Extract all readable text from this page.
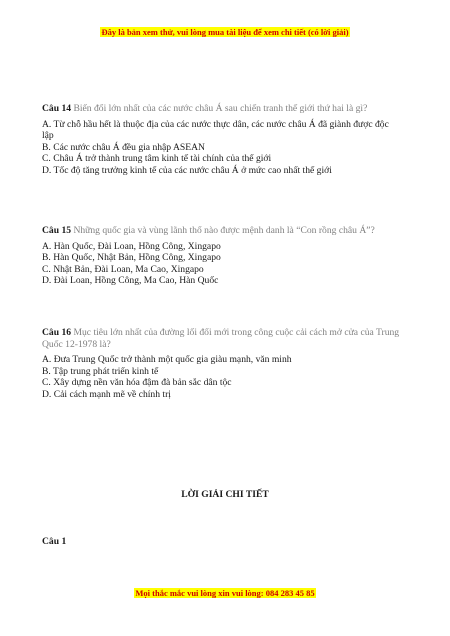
Đây là bản xem thử, vui lòng mua tài liệu để xem chi tiết (có lời giải)
Câu 14 Biến đổi lớn nhất của các nước châu Á sau chiến tranh thế giới thứ hai là gì?
A. Từ chỗ hầu hết là thuộc địa của các nước thực dân, các nước châu Á đã giành được độc lập
B. Các nước châu Á đều gia nhập ASEAN
C. Châu Á trở thành trung tâm kinh tế tài chính của thế giới
D. Tốc độ tăng trưởng kinh tế của các nước châu Á ở mức cao nhất thế giới
Câu 15 Những quốc gia và vùng lãnh thổ nào được mệnh danh là “Con rồng châu Á”?
A. Hàn Quốc, Đài Loan, Hồng Công, Xingapo
B. Hàn Quốc, Nhật Bản, Hồng Công, Xingapo
C. Nhật Bản, Đài Loan, Ma Cao, Xingapo
D. Đài Loan, Hồng Công, Ma Cao, Hàn Quốc
Câu 16 Mục tiêu lớn nhất của đường lối đổi mới trong công cuộc cải cách mở cửa của Trung Quốc 12-1978 là?
A. Đưa Trung Quốc trở thành một quốc gia giàu mạnh, văn minh
B. Tập trung phát triển kinh tế
C. Xây dựng nền văn hóa đậm đà bản sắc dân tộc
D. Cải cách mạnh mẽ về chính trị
LỜI GIẢI CHI TIẾT
Câu 1
Mọi thắc mắc vui lòng xin vui lòng: 084 283 45 85
